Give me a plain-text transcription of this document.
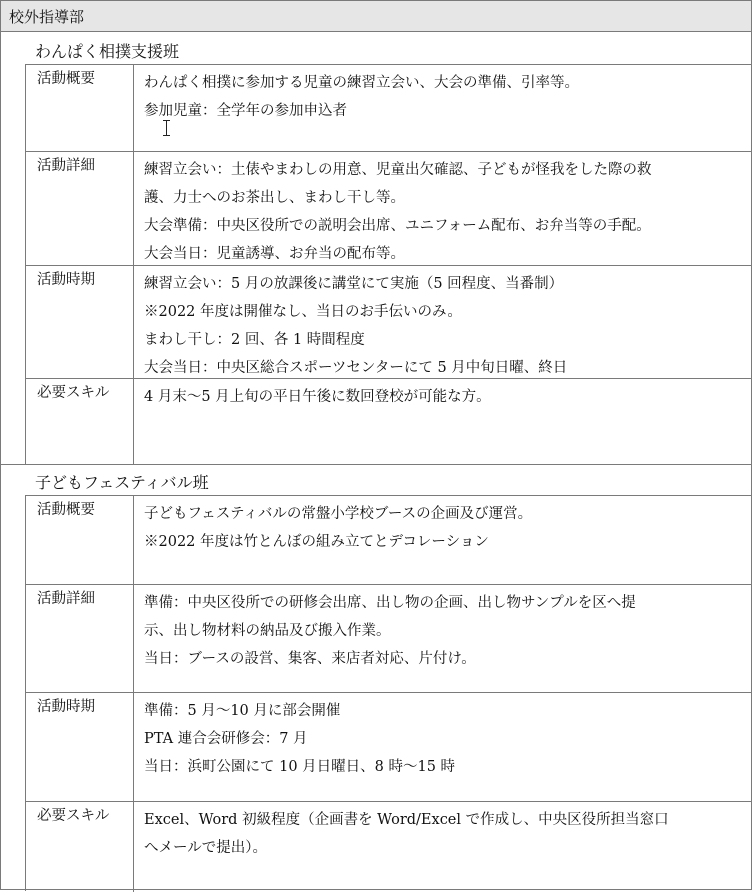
校外指導部
わんぱく相撲支援班
活動概要	わんぱく相撲に参加する児童の練習立会い、大会の準備、引率等。
参加児童：全学年の参加申込者
活動詳細	練習立会い：土俵やまわしの用意、児童出欠確認、子どもが怪我をした際の救
護、力士へのお茶出し、まわし干し等。
大会準備：中央区役所での説明会出席、ユニフォーム配布、お弁当等の手配。
大会当日：児童誘導、お弁当の配布等。
活動時期	練習立会い：5 月の放課後に講堂にて実施（5 回程度、当番制）
※2022 年度は開催なし、当日のお手伝いのみ。
まわし干し：2 回、各 1 時間程度
大会当日：中央区総合スポーツセンターにて 5 月中旬日曜、終日
必要スキル	4 月末～5 月上旬の平日午後に数回登校が可能な方。
子どもフェスティバル班
活動概要	子どもフェスティバルの常盤小学校ブースの企画及び運営。
※2022 年度は竹とんぼの組み立てとデコレーション
活動詳細	準備：中央区役所での研修会出席、出し物の企画、出し物サンプルを区へ提
示、出し物材料の納品及び搬入作業。
当日：ブースの設営、集客、来店者対応、片付け。
活動時期	準備：5 月～10 月に部会開催
PTA 連合会研修会：7 月
当日：浜町公園にて 10 月日曜日、8 時～15 時
必要スキル	Excel、Word 初級程度（企画書を Word/Excel で作成し、中央区役所担当窓口
へメールで提出）。
